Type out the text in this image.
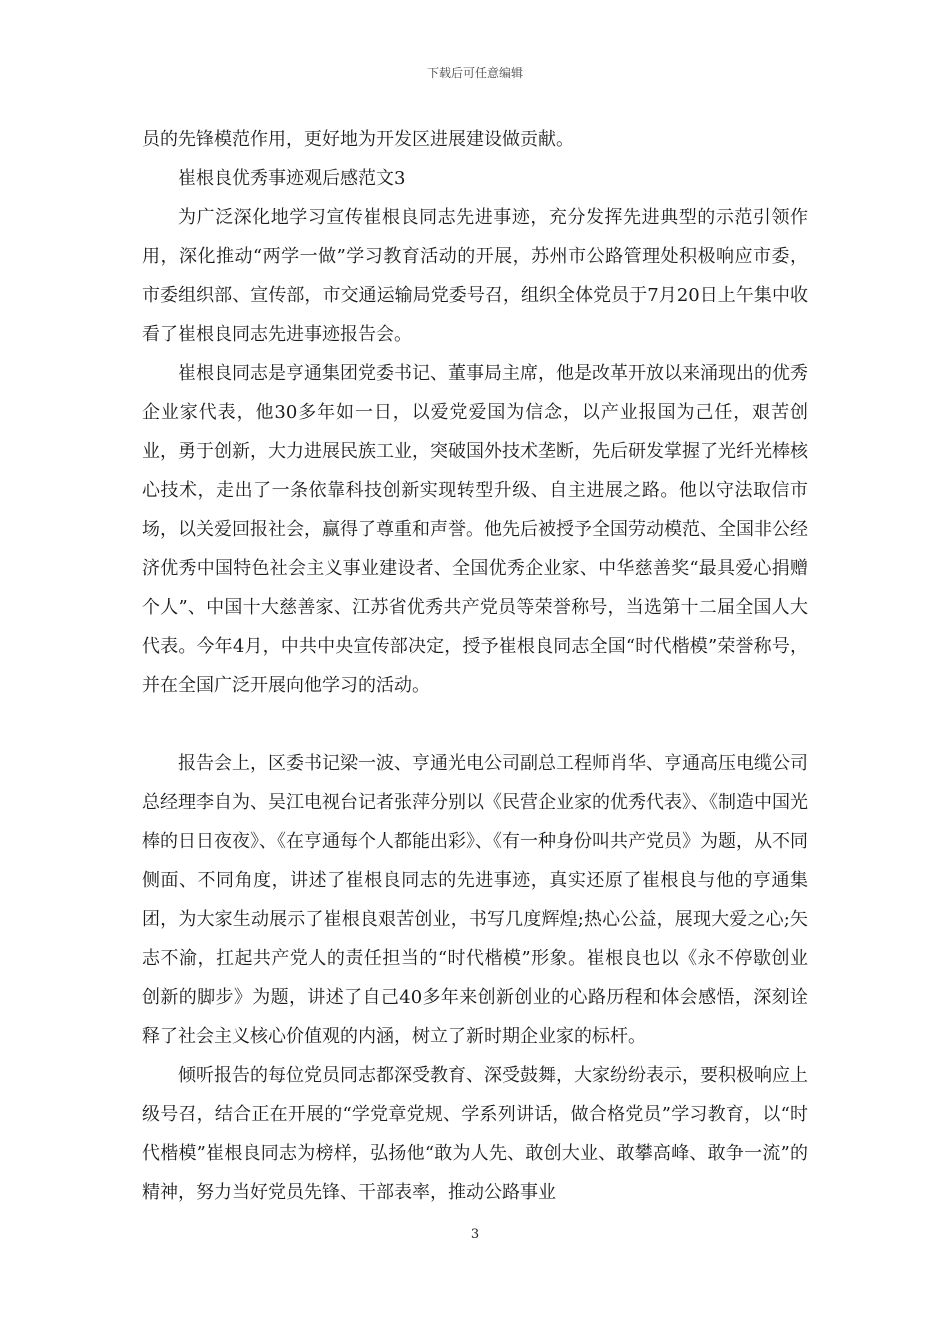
下载后可任意编辑

员的先锋模范作用，更好地为开发区进展建设做贡献。

崔根良优秀事迹观后感范文3

为广泛深化地学习宣传崔根良同志先进事迹，充分发挥先进典型的示范引领作用，深化推动“两学一做”学习教育活动的开展，苏州市公路管理处积极响应市委，市委组织部、宣传部，市交通运输局党委号召，组织全体党员于7月20日上午集中收看了崔根良同志先进事迹报告会。

崔根良同志是亨通集团党委书记、董事局主席，他是改革开放以来涌现出的优秀企业家代表，他30多年如一日，以爱党爱国为信念，以产业报国为己任，艰苦创业，勇于创新，大力进展民族工业，突破国外技术垄断，先后研发掌握了光纤光棒核心技术，走出了一条依靠科技创新实现转型升级、自主进展之路。他以守法取信市场，以关爱回报社会，赢得了尊重和声誉。他先后被授予全国劳动模范、全国非公经济优秀中国特色社会主义事业建设者、全国优秀企业家、中华慈善奖“最具爱心捐赠个人”、中国十大慈善家、江苏省优秀共产党员等荣誉称号，当选第十二届全国人大代表。今年4月，中共中央宣传部决定，授予崔根良同志全国“时代楷模”荣誉称号，并在全国广泛开展向他学习的活动。

报告会上，区委书记梁一波、亨通光电公司副总工程师肖华、亨通高压电缆公司总经理李自为、吴江电视台记者张萍分别以《民营企业家的优秀代表》、《制造中国光棒的日日夜夜》、《在亨通每个人都能出彩》、《有一种身份叫共产党员》为题，从不同侧面、不同角度，讲述了崔根良同志的先进事迹，真实还原了崔根良与他的亨通集团，为大家生动展示了崔根良艰苦创业，书写几度辉煌;热心公益，展现大爱之心;矢志不渝，扛起共产党人的责任担当的“时代楷模”形象。崔根良也以《永不停歇创业创新的脚步》为题，讲述了自己40多年来创新创业的心路历程和体会感悟，深刻诠释了社会主义核心价值观的内涵，树立了新时期企业家的标杆。

倾听报告的每位党员同志都深受教育、深受鼓舞，大家纷纷表示，要积极响应上级号召，结合正在开展的“学党章党规、学系列讲话，做合格党员”学习教育，以“时代楷模”崔根良同志为榜样，弘扬他“敢为人先、敢创大业、敢攀高峰、敢争一流”的精神，努力当好党员先锋、干部表率，推动公路事业

3
